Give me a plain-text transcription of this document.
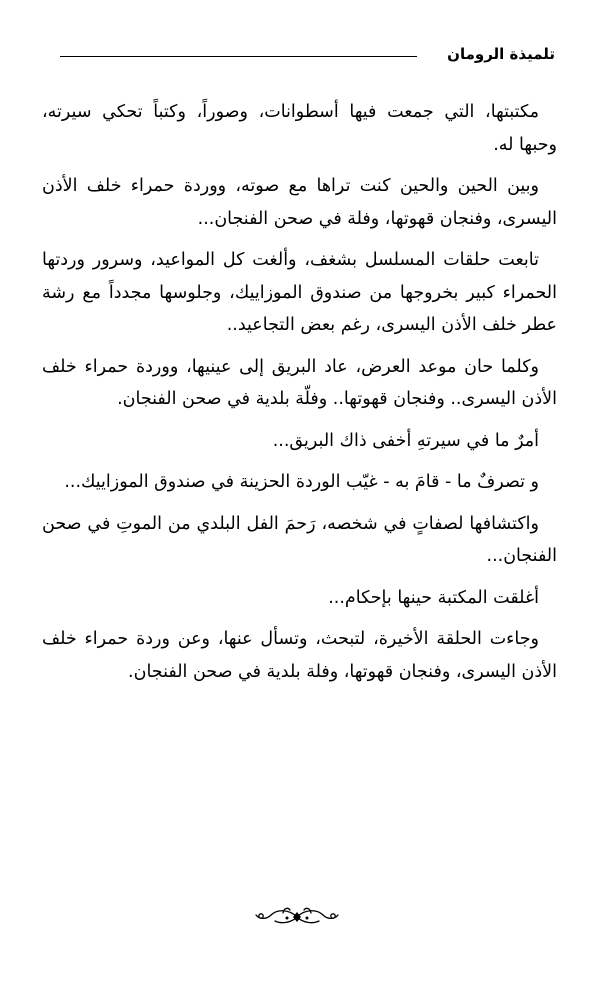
تلميذة الرومان

مكتبتها، التي جمعت فيها أسطوانات، وصوراً، وكتباً تحكي سيرته، وحبها له.

وبين الحين والحين كنت تراها مع صوته، ووردة حمراء خلف الأذن اليسرى، وفنجان قهوتها، وفلة في صحن الفنجان...

تابعت حلقات المسلسل بشغف، وألغت كل المواعيد، وسرور وردتها الحمراء كبير بخروجها من صندوق الموزاييك، وجلوسها مجدداً مع رشة عطر خلف الأذن اليسرى، رغم بعض التجاعيد..

وكلما حان موعد العرض، عاد البريق إلى عينيها، ووردة حمراء خلف الأذن اليسرى.. وفنجان قهوتها.. وفلّة بلدية في صحن الفنجان.

أمرٌ ما في سيرتهِ أخفى ذاك البريق...

و تصرفٌ ما - قامَ به - غيّب الوردة الحزينة في صندوق الموزاييك...

واكتشافها لصفاتٍ في شخصه، رَحمَ الفل البلدي من الموتِ في صحن الفنجان...

أغلقت المكتبة حينها بإحكام...

وجاءت الحلقة الأخيرة، لتبحث، وتسأل عنها، وعن وردة حمراء خلف الأذن اليسرى، وفنجان قهوتها، وفلة بلدية في صحن الفنجان.
